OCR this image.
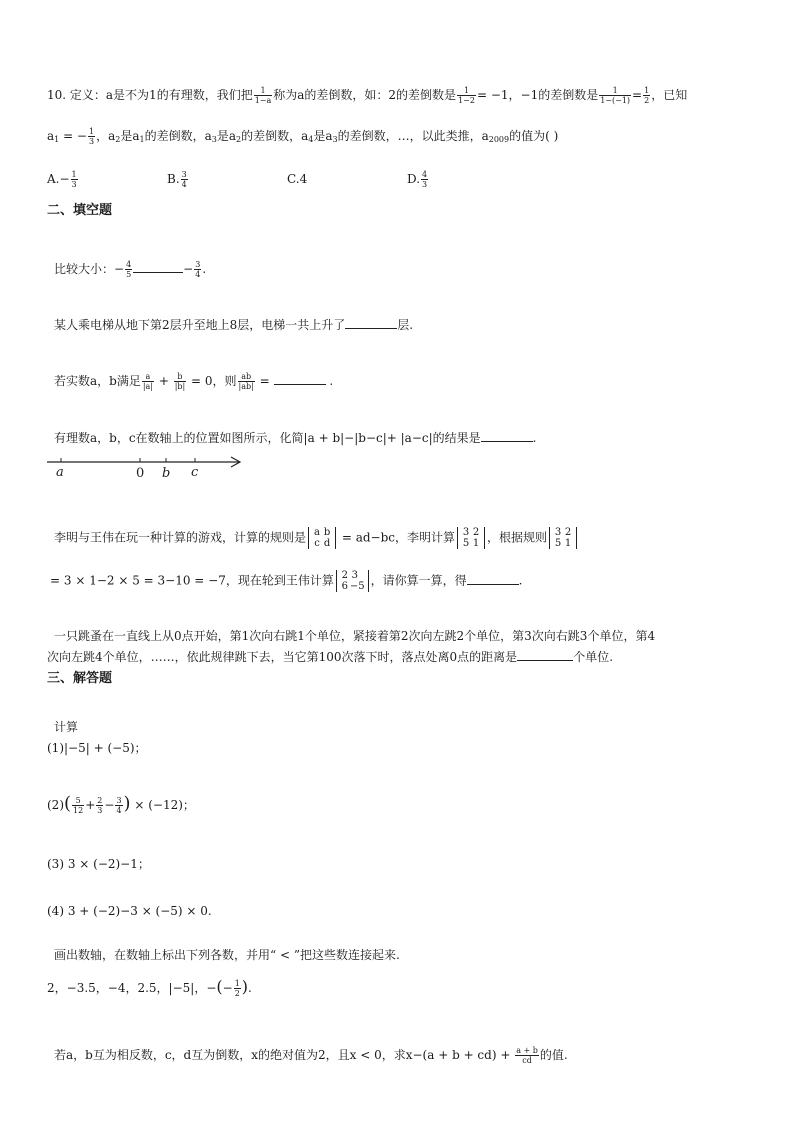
10. 定义：a是不为1的有理数，我们把 $\frac{1}{1-a}$ 称为a的差倒数，如：2的差倒数是 $\frac{1}{1-2} = -1$，−1的差倒数是 $\frac{1}{1-(-1)} = \frac{1}{2}$ ，已知
$a_1$ = − $\frac{1}{3}$ ，$a_2$是$a_1$的差倒数，$a_3$是$a_2$的差倒数，$a_4$是$a_3$的差倒数，…，以此类推，$a_{2009}$的值为( )
$A.- \frac{1}{3}$	B. $\frac{3}{4}$	C.4	D. $\frac{4}{3}$
二、填空题
比较大小：− $\frac{4}{5}$	− $\frac{3}{4}$ .
某人乘电梯从地下第2层升至地上8层，电梯一共上升了	层.
若实数a，b满足 $\frac{a}{|a|} + \frac{b}{|b|} = 0$，则 $\frac{ab}{|ab|}$ =	.
有理数a，b，c在数轴上的位置如图所示，化简|a + b|−|b−c|+ |a−c|的结果是	.
a	0 b c
李明与王伟在玩一种计算的游戏，计算的规则是 a b
c d = ad−bc，李明计算 3 2
5 1 ，根据规则 3 2
5 1
= 3 × 1−2 × 5 = 3−10 = −7，现在轮到王伟计算 2 3
6 −5 ，请你算一算，得	.
一只跳蚤在一直线上从0点开始，第1次向右跳1个单位，紧接着第2次向左跳2个单位，第3次向右跳3个单位，第4
次向左跳4个单位，……，依此规律跳下去，当它第100次落下时，落点处离0点的距离是	个单位.
三、解答题
计算
(1)|−5| + (−5)；
$(2)( \frac{5}{12} + \frac{2}{3} - \frac{3}{4}$ ) × (−12)；
(3) 3 × (−2)−1；
(4) 3 + (−2)−3 × (−5) × 0.
画出数轴，在数轴上标出下列各数，并用“ < ”把这些数连接起来.
2，−3.5，−4，2.5，|−5|，−(− $\frac{1}{2}$ ).
若a，b互为相反数，c，d互为倒数，x的绝对值为2，且x < 0，求$x-(a + b + cd) + \frac{a + b}{cd}$ 的值.
